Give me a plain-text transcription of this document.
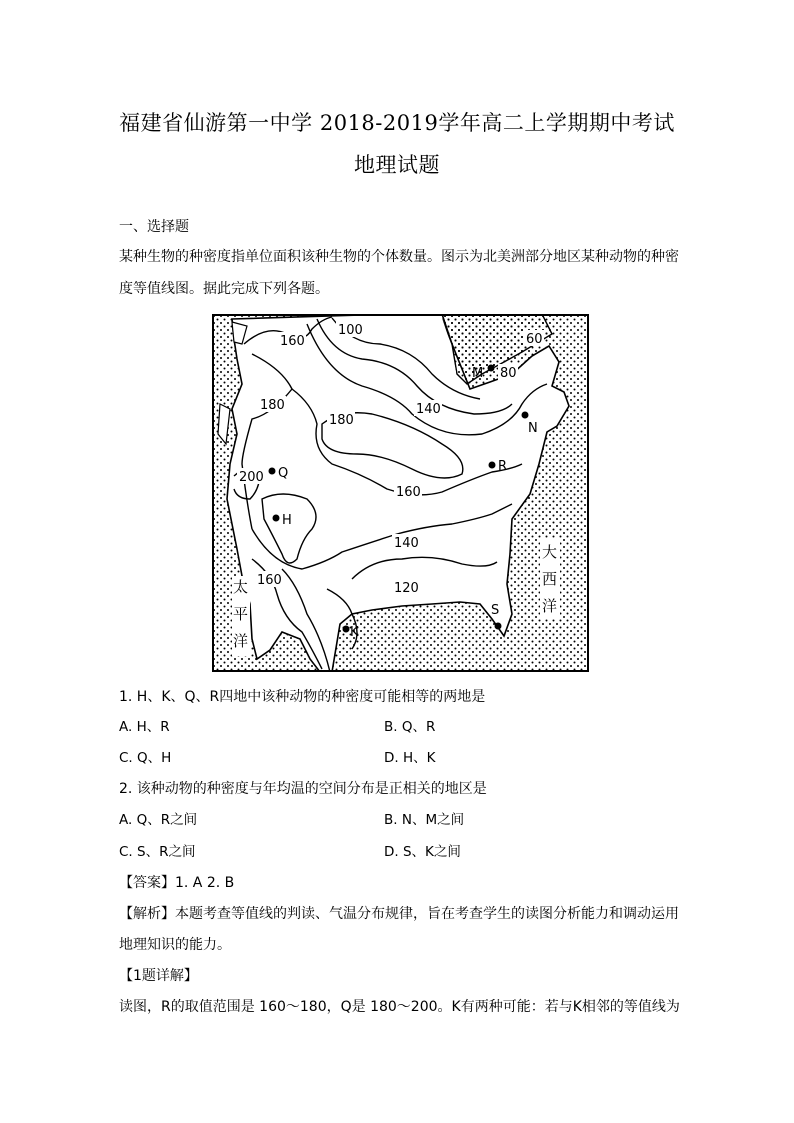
福建省仙游第一中学 2018-2019学年高二上学期期中考试
地理试题
一、选择题
某种生物的种密度指单位面积该种生物的个体数量。图示为北美洲部分地区某种动物的种密
度等值线图。据此完成下列各题。
160
100
60
80
180	140
180
200
160
140
120
160
M
N
R
Q
H
K
S
太
平
洋
大
西
洋
1. H、K、Q、R四地中该种动物的种密度可能相等的两地是
A. H、R	B. Q、R
C. Q、H	D. H、K
2. 该种动物的种密度与年均温的空间分布是正相关的地区是
A. Q、R之间	B. N、M之间
C. S、R之间	D. S、K之间
【答案】1. A 2. B
【解析】本题考查等值线的判读、气温分布规律，旨在考查学生的读图分析能力和调动运用
地理知识的能力。
【1题详解】
读图，R的取值范围是 160～180，Q是 180～200。K有两种可能：若与K相邻的等值线为
